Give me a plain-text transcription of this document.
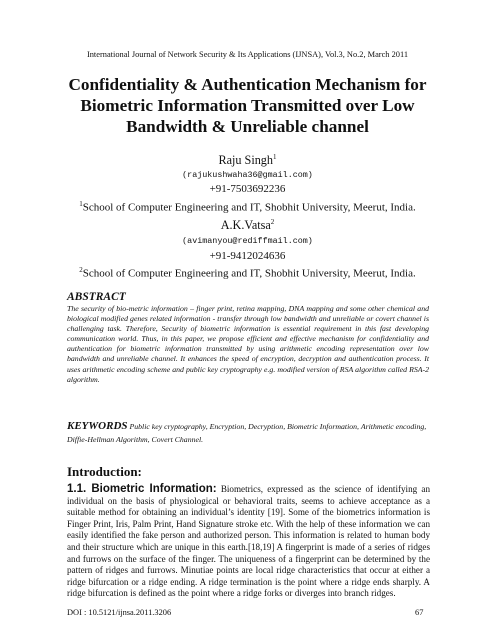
International Journal of Network Security & Its Applications (IJNSA), Vol.3, No.2, March 2011
Confidentiality & Authentication Mechanism for
Biometric Information Transmitted over Low
Bandwidth & Unreliable channel
Raju Singh$^1$
(rajukushwaha36@gmail.com)
+91-7503692236
$^1$School of Computer Engineering and IT, Shobhit University, Meerut, India.
A.K.Vatsa$^2$
(avimanyou@rediffmail.com)
+91-9412024636
$^2$School of Computer Engineering and IT, Shobhit University, Meerut, India.
ABSTRACT
The security of bio-metric information – finger print, retina mapping, DNA mapping and some other chemical and biological modified genes related information - transfer through low bandwidth and unreliable or covert channel is challenging task. Therefore, Security of biometric information is essential requirement in this fast developing communication world. Thus, in this paper, we propose efficient and effective mechanism for confidentiality and authentication for biometric information transmitted by using arithmetic encoding representation over low bandwidth and unreliable channel. It enhances the speed of encryption, decryption and authentication process. It uses arithmetic encoding scheme and public key cryptography e.g. modified version of RSA algorithm called RSA-2 algorithm.
KEYWORDS Public key cryptography, Encryption, Decryption, Biometric Information, Arithmetic encoding, Diffie-Hellman Algorithm, Covert Channel.
Introduction:
1.1. Biometric Information: Biometrics, expressed as the science of identifying an individual on the basis of physiological or behavioral traits, seems to achieve acceptance as a suitable method for obtaining an individual’s identity [19]. Some of the biometrics information is Finger Print, Iris, Palm Print, Hand Signature stroke etc. With the help of these information we can easily identified the fake person and authorized person. This information is related to human body and their structure which are unique in this earth.[18,19] A fingerprint is made of a series of ridges and furrows on the surface of the finger. The uniqueness of a fingerprint can be determined by the pattern of ridges and furrows. Minutiae points are local ridge characteristics that occur at either a ridge bifurcation or a ridge ending. A ridge termination is the point where a ridge ends sharply. A ridge bifurcation is defined as the point where a ridge forks or diverges into branch ridges.
DOI : 10.5121/ijnsa.2011.3206	67
